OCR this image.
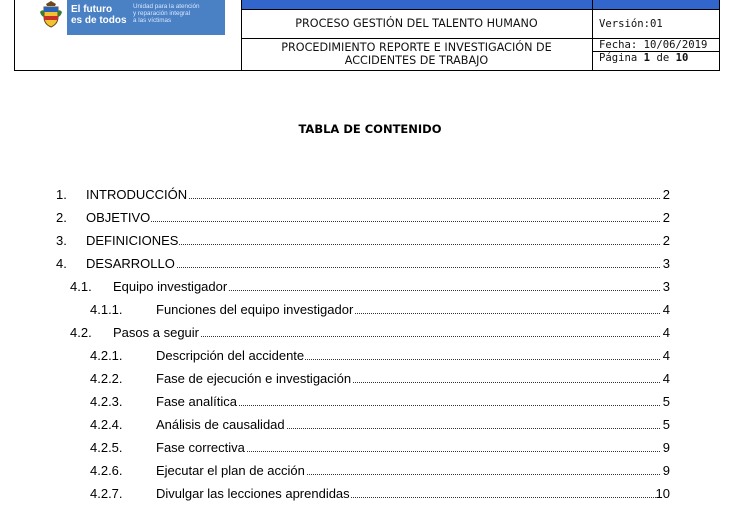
El futuro
es de todos
Unidad para la atención
y reparación integral
a las víctimas	PROCESO GESTIÓN DEL TALENTO HUMANO
PROCEDIMIENTO REPORTE E INVESTIGACIÓN DE ACCIDENTES DE TRABAJO
Versión:01
Fecha: 10/06/2019
Página 1 de 10
TABLA DE CONTENIDO
1. INTRODUCCIÓN	2
2. OBJETIVO	2
3. DEFINICIONES	2
4. DESARROLLO	3
4.1. Equipo investigador	3
4.1.1.	Funciones del equipo investigador	4
4.2. Pasos a seguir	4
4.2.1.	Descripción del accidente	4
4.2.2.	Fase de ejecución e investigación	4
4.2.3.	Fase analítica	5
4.2.4.	Análisis de causalidad	5
4.2.5.	Fase correctiva	9
4.2.6.	Ejecutar el plan de acción	9
4.2.7.	Divulgar las lecciones aprendidas	10
